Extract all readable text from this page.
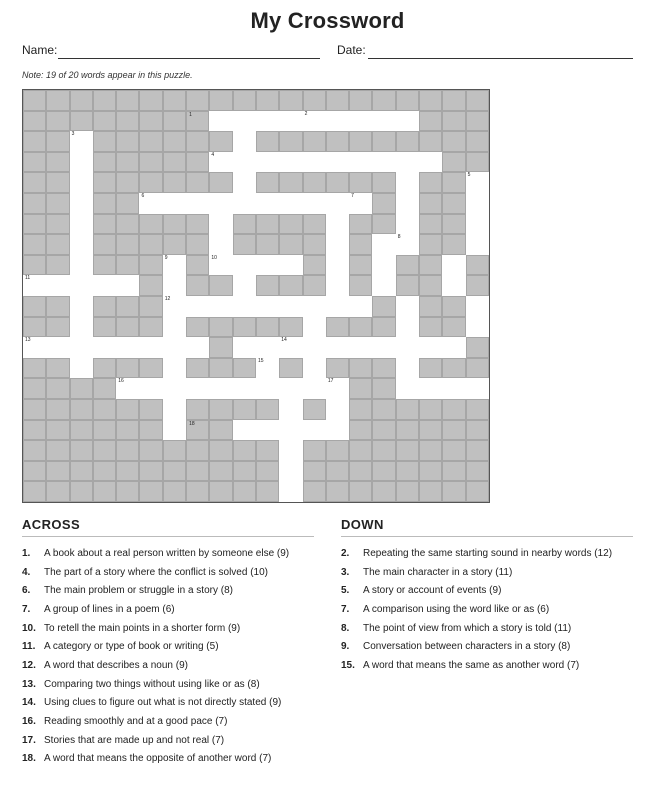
My Crossword
Name:	Date:
Note: 19 of 20 words appear in this puzzle.
1	2
3
4
5
6	7
8
9	10
11
12
13	14
15
16	17
18
ACROSS
1.	A book about a real person written by someone else (9)
4.	The part of a story where the conflict is solved (10)
6.	The main problem or struggle in a story (8)
7.	A group of lines in a poem (6)
10. To retell the main points in a shorter form (9)
11. A category or type of book or writing (5)
12. A word that describes a noun (9)
13. Comparing two things without using like or as (8)
14. Using clues to figure out what is not directly stated (9)
16. Reading smoothly and at a good pace (7)
17. Stories that are made up and not real (7)
18. A word that means the opposite of another word (7)
DOWN
2.	Repeating the same starting sound in nearby words (12)
3.	The main character in a story (11)
5.	A story or account of events (9)
7.	A comparison using the word like or as (6)
8.	The point of view from which a story is told (11)
9.	Conversation between characters in a story (8)
15. A word that means the same as another word (7)
